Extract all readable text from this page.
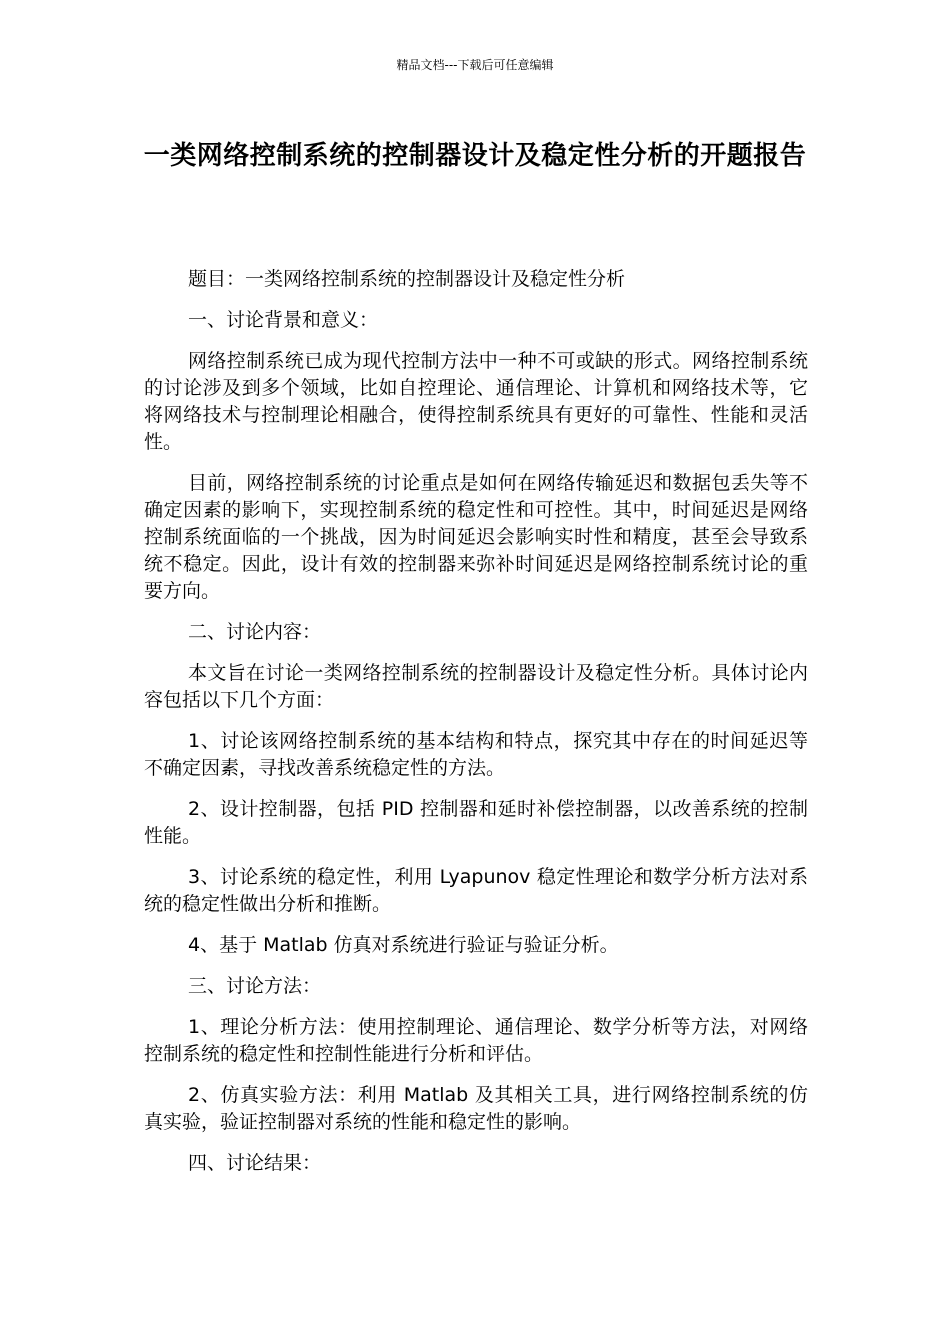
精品文档---下载后可任意编辑
一类网络控制系统的控制器设计及稳定性分析的开题报告

题目：一类网络控制系统的控制器设计及稳定性分析

一、讨论背景和意义：

网络控制系统已成为现代控制方法中一种不可或缺的形式。网络控制系统的讨论涉及到多个领域，比如自控理论、通信理论、计算机和网络技术等，它将网络技术与控制理论相融合，使得控制系统具有更好的可靠性、性能和灵活性。

目前，网络控制系统的讨论重点是如何在网络传输延迟和数据包丢失等不确定因素的影响下，实现控制系统的稳定性和可控性。其中，时间延迟是网络控制系统面临的一个挑战，因为时间延迟会影响实时性和精度，甚至会导致系统不稳定。因此，设计有效的控制器来弥补时间延迟是网络控制系统讨论的重要方向。

二、讨论内容：

本文旨在讨论一类网络控制系统的控制器设计及稳定性分析。具体讨论内容包括以下几个方面：

1、讨论该网络控制系统的基本结构和特点，探究其中存在的时间延迟等不确定因素，寻找改善系统稳定性的方法。

2、设计控制器，包括 PID 控制器和延时补偿控制器，以改善系统的控制性能。

3、讨论系统的稳定性，利用 Lyapunov 稳定性理论和数学分析方法对系统的稳定性做出分析和推断。

4、基于 Matlab 仿真对系统进行验证与验证分析。

三、讨论方法：

1、理论分析方法：使用控制理论、通信理论、数学分析等方法，对网络控制系统的稳定性和控制性能进行分析和评估。

2、仿真实验方法：利用 Matlab 及其相关工具，进行网络控制系统的仿真实验，验证控制器对系统的性能和稳定性的影响。

四、讨论结果：
